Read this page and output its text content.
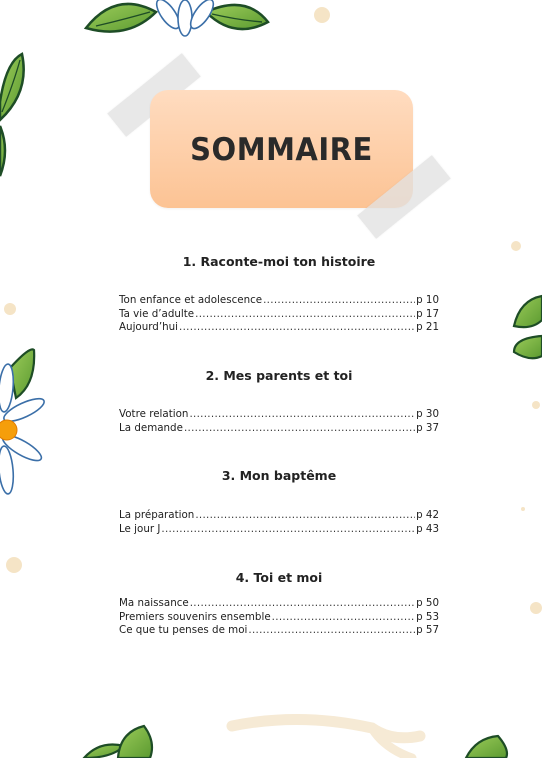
SOMMAIRE
1. Raconte-moi ton histoire
Ton enfance et adolescence .....	p 10
Ta vie d’adulte .....	p 17
Aujourd’hui .....	p 21
2. Mes parents et toi
Votre relation .....	p 30
La demande .....	p 37
3. Mon baptême
La préparation .....	p 42
Le jour J .....	p 43
4. Toi et moi
Ma naissance .....	p 50
Premiers souvenirs ensemble .....	p 53
Ce que tu penses de moi .....	p 57
